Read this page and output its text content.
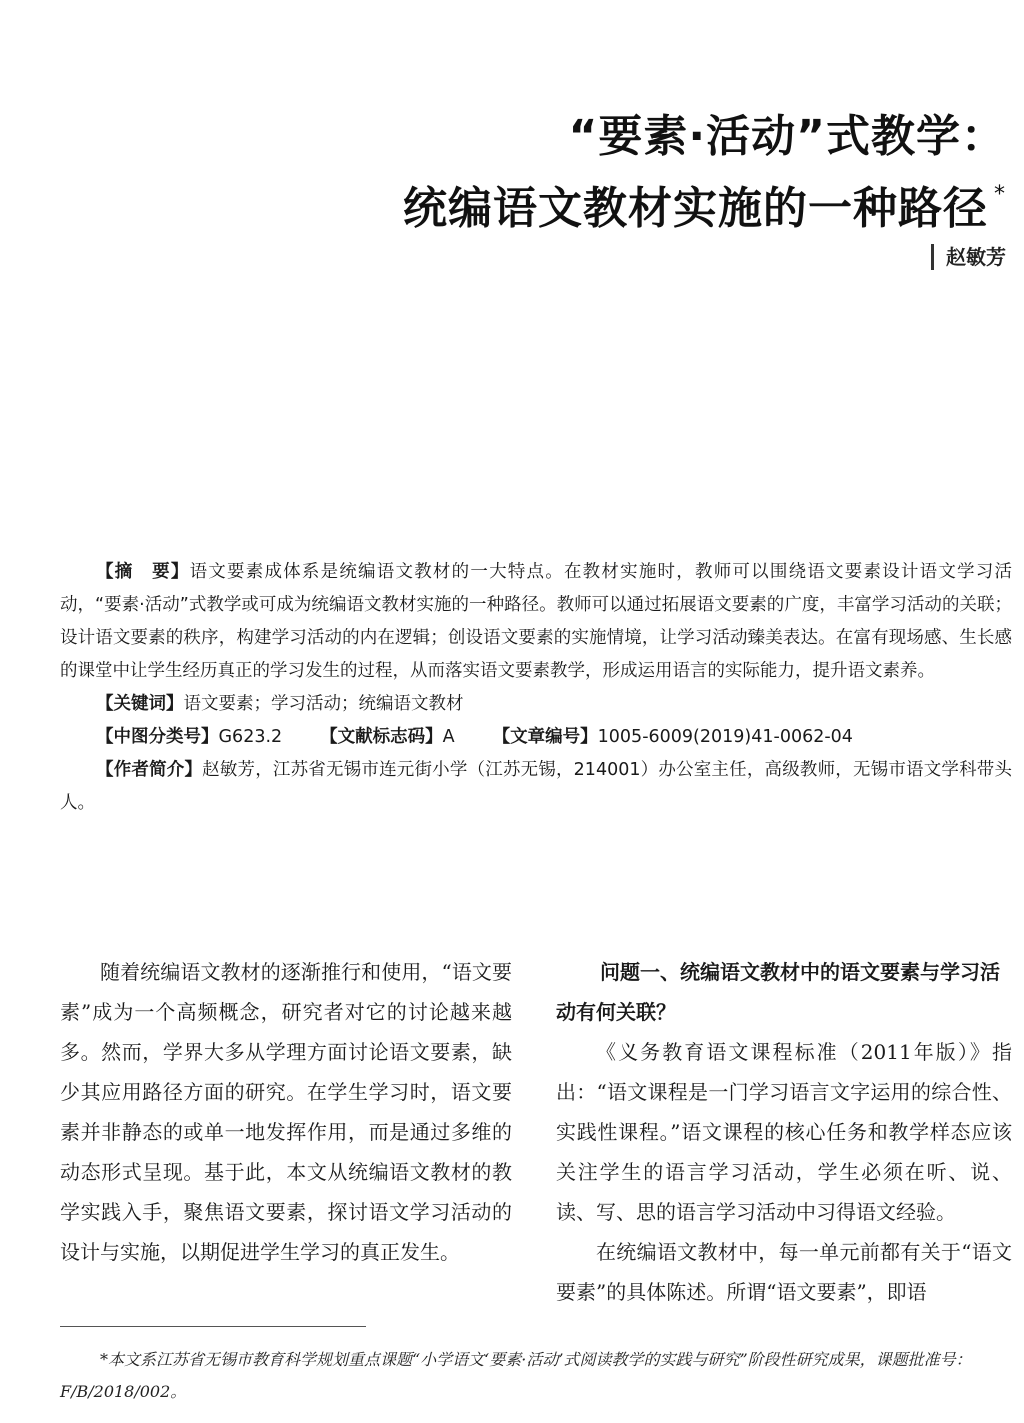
“要素·活动”式教学：
统编语文教材实施的一种路径 *
赵敏芳

【摘　要】语文要素成体系是统编语文教材的一大特点。在教材实施时，教师可以围绕语文要素设计语文学习活动，“要素·活动”式教学或可成为统编语文教材实施的一种路径。教师可以通过拓展语文要素的广度，丰富学习活动的关联；设计语文要素的秩序，构建学习活动的内在逻辑；创设语文要素的实施情境，让学习活动臻美表达。在富有现场感、生长感的课堂中让学生经历真正的学习发生的过程，从而落实语文要素教学，形成运用语言的实际能力，提升语文素养。

【关键词】语文要素；学习活动；统编语文教材

【中图分类号】G623.2 【文献标志码】A 【文章编号】1005-6009(2019)41-0062-04

【作者简介】赵敏芳，江苏省无锡市连元街小学（江苏无锡，214001）办公室主任，高级教师，无锡市语文学科带头人。

随着统编语文教材的逐渐推行和使用，“语文要素”成为一个高频概念，研究者对它的讨论越来越多。然而，学界大多从学理方面讨论语文要素，缺少其应用路径方面的研究。在学生学习时，语文要素并非静态的或单一地发挥作用，而是通过多维的动态形式呈现。基于此，本文从统编语文教材的教学实践入手，聚焦语文要素，探讨语文学习活动的设计与实施，以期促进学生学习的真正发生。

问题一、统编语文教材中的语文要素与学习活动有何关联？

《义务教育语文课程标准（2011年版）》指出：“语文课程是一门学习语言文字运用的综合性、实践性课程。”语文课程的核心任务和教学样态应该关注学生的语言学习活动，学生必须在听、说、读、写、思的语言学习活动中习得语文经验。

在统编语文教材中，每一单元前都有关于“语文要素”的具体陈述。所谓“语文要素”，即语

*本文系江苏省无锡市教育科学规划重点课题“小学语文‘要素·活动’式阅读教学的实践与研究”阶段性研究成果，课题批准号：F/B/2018/002。
